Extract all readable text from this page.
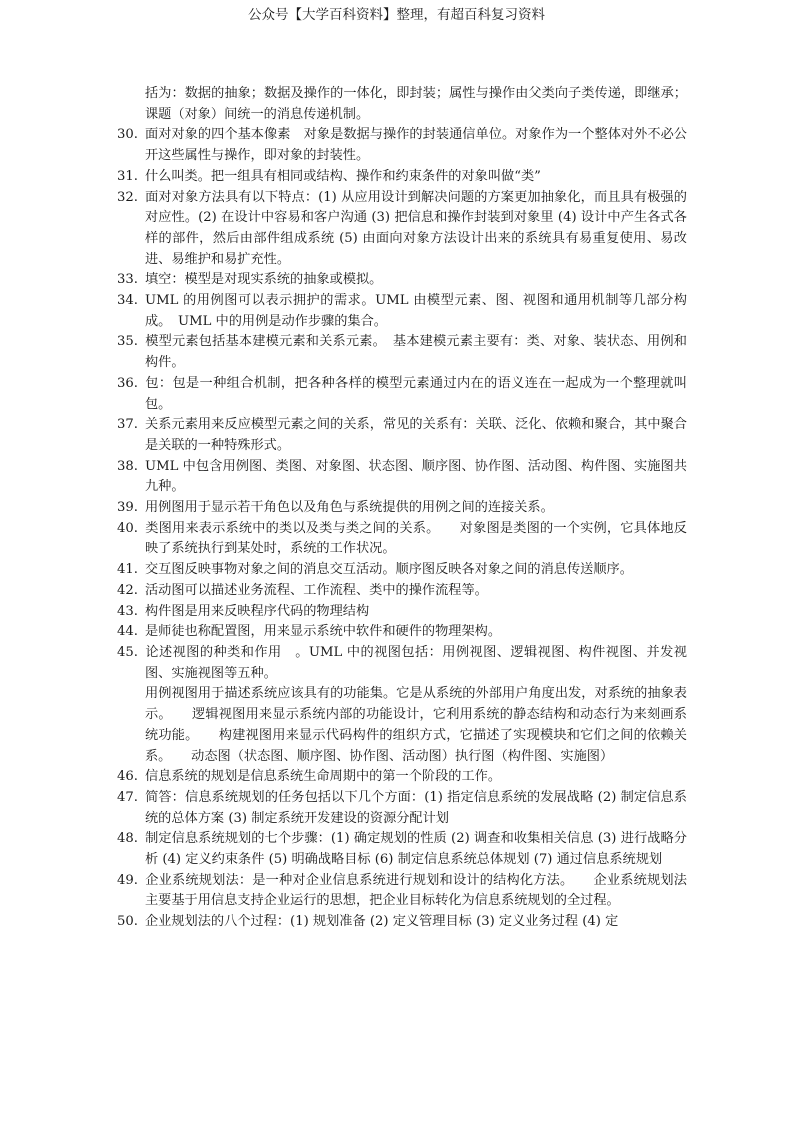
公众号【大学百科资料】整理，有超百科复习资料

括为：数据的抽象；数据及操作的一体化，即封装；属性与操作由父类向子类传递，即继承；课题（对象）间统一的消息传递机制。

30. 面对对象的四个基本像素　对象是数据与操作的封装通信单位。对象作为一个整体对外不必公开这些属性与操作，即对象的封装性。

31. 什么叫类。把一组具有相同或结构、操作和约束条件的对象叫做“类”

32. 面对对象方法具有以下特点：(1) 从应用设计到解决问题的方案更加抽象化，而且具有极强的对应性。(2) 在设计中容易和客户沟通 (3) 把信息和操作封装到对象里 (4) 设计中产生各式各样的部件，然后由部件组成系统 (5) 由面向对象方法设计出来的系统具有易重复使用、易改进、易维护和易扩充性。

33. 填空：模型是对现实系统的抽象或模拟。

34. UML 的用例图可以表示拥护的需求。UML 由模型元素、图、视图和通用机制等几部分构成。　UML 中的用例是动作步骤的集合。

35. 模型元素包括基本建模元素和关系元素。　基本建模元素主要有：类、对象、装状态、用例和构件。

36. 包：包是一种组合机制，把各种各样的模型元素通过内在的语义连在一起成为一个整理就叫包。

37. 关系元素用来反应模型元素之间的关系，常见的关系有：关联、泛化、依赖和聚合，其中聚合是关联的一种特殊形式。

38. UML 中包含用例图、类图、对象图、状态图、顺序图、协作图、活动图、构件图、实施图共九种。

39. 用例图用于显示若干角色以及角色与系统提供的用例之间的连接关系。

40. 类图用来表示系统中的类以及类与类之间的关系。　　对象图是类图的一个实例，它具体地反映了系统执行到某处时，系统的工作状况。

41. 交互图反映事物对象之间的消息交互活动。顺序图反映各对象之间的消息传送顺序。

42. 活动图可以描述业务流程、工作流程、类中的操作流程等。

43. 构件图是用来反映程序代码的物理结构

44. 是师徒也称配置图，用来显示系统中软件和硬件的物理架构。

45. 论述视图的种类和作用　。UML 中的视图包括：用例视图、逻辑视图、构件视图、并发视图、实施视图等五种。

用例视图用于描述系统应该具有的功能集。它是从系统的外部用户角度出发，对系统的抽象表示。　　逻辑视图用来显示系统内部的功能设计，它利用系统的静态结构和动态行为来刻画系统功能。　　构建视图用来显示代码构件的组织方式，它描述了实现模块和它们之间的依赖关系。　　动态图（状态图、顺序图、协作图、活动图）执行图（构件图、实施图）

46. 信息系统的规划是信息系统生命周期中的第一个阶段的工作。

47. 简答：信息系统规划的任务包括以下几个方面：(1) 指定信息系统的发展战略 (2) 制定信息系统的总体方案 (3) 制定系统开发建设的资源分配计划

48. 制定信息系统规划的七个步骤：(1) 确定规划的性质 (2) 调查和收集相关信息 (3) 进行战略分析 (4) 定义约束条件 (5) 明确战略目标 (6) 制定信息系统总体规划 (7) 通过信息系统规划

49. 企业系统规划法：是一种对企业信息系统进行规划和设计的结构化方法。　　企业系统规划法主要基于用信息支持企业运行的思想，把企业目标转化为信息系统规划的全过程。

50. 企业规划法的八个过程：(1) 规划准备 (2) 定义管理目标 (3) 定义业务过程 (4) 定
